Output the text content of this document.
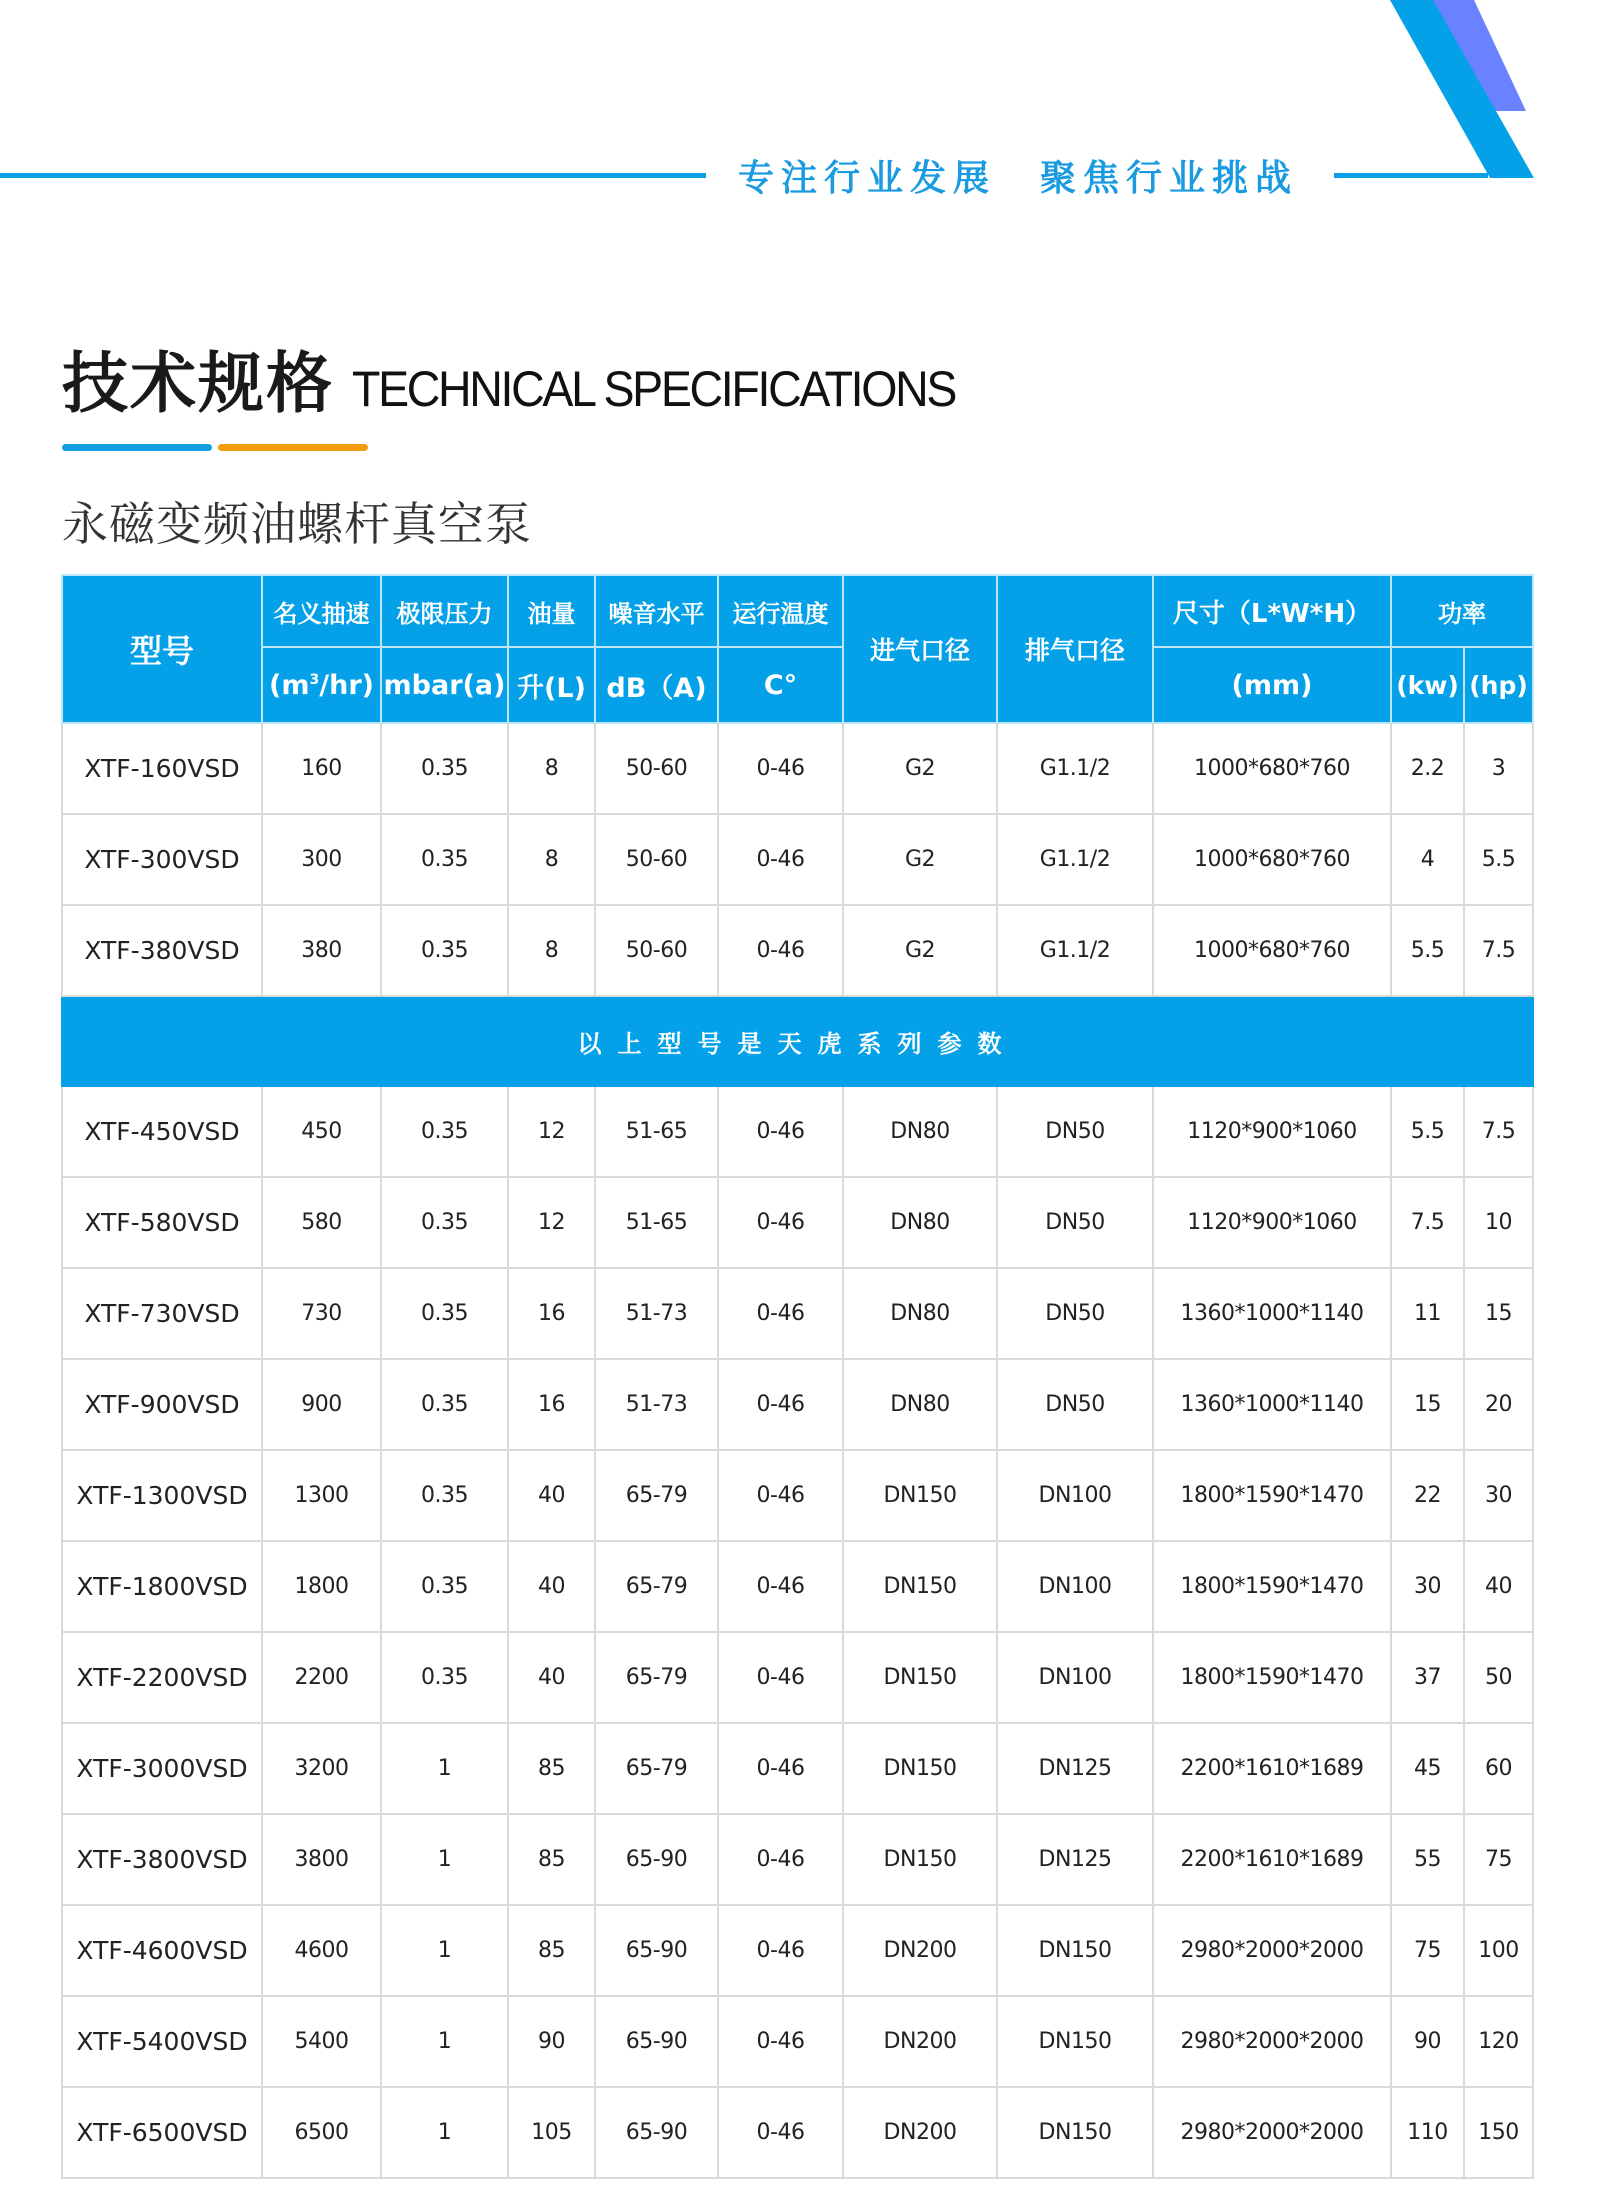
专注行业发展 聚焦行业挑战
技术规格 TECHNICAL SPECIFICATIONS
永磁变频油螺杆真空泵
型号	名义抽速	极限压力	油量	噪音水平	运行温度	进气口径	排气口径	尺寸（L*W*H）	功率	
	$(m^3/hr)$	mbar(a)	升(L)	dB（A)	C°			(mm)	(kw)	(hp)
XTF-160VSD	160	0.35	8	50-60	0-46	G2	G1.1/2	1000*680*760	2.2	3
XTF-300VSD	300	0.35	8	50-60	0-46	G2	G1.1/2	1000*680*760	4	5.5
XTF-380VSD	380	0.35	8	50-60	0-46	G2	G1.1/2	1000*680*760	5.5	7.5
以上型号是天虎系列参数										
XTF-450VSD	450	0.35	12	51-65	0-46	DN80	DN50	1120*900*1060	5.5	7.5
XTF-580VSD	580	0.35	12	51-65	0-46	DN80	DN50	1120*900*1060	7.5	10
XTF-730VSD	730	0.35	16	51-73	0-46	DN80	DN50	1360*1000*1140	11	15
XTF-900VSD	900	0.35	16	51-73	0-46	DN80	DN50	1360*1000*1140	15	20
XTF-1300VSD	1300	0.35	40	65-79	0-46	DN150	DN100	1800*1590*1470	22	30
XTF-1800VSD	1800	0.35	40	65-79	0-46	DN150	DN100	1800*1590*1470	30	40
XTF-2200VSD	2200	0.35	40	65-79	0-46	DN150	DN100	1800*1590*1470	37	50
XTF-3000VSD	3200	1	85	65-79	0-46	DN150	DN125	2200*1610*1689	45	60
XTF-3800VSD	3800	1	85	65-90	0-46	DN150	DN125	2200*1610*1689	55	75
XTF-4600VSD	4600	1	85	65-90	0-46	DN200	DN150	2980*2000*2000	75	100
XTF-5400VSD	5400	1	90	65-90	0-46	DN200	DN150	2980*2000*2000	90	120
XTF-6500VSD	6500	1	105	65-90	0-46	DN200	DN150	2980*2000*2000	110	150
